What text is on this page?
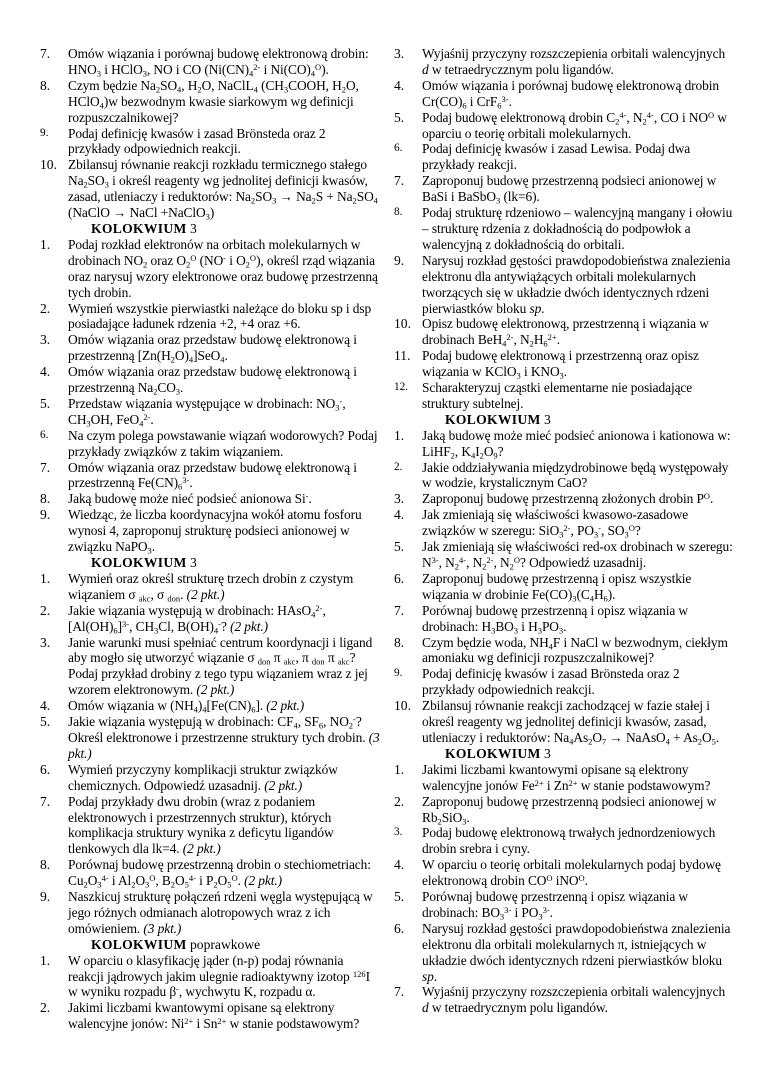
7.	Omów wiązania i porównaj budowę elektronową drobin: $HNO_3$ i HClO$_3$, NO i CO ($Ni(CN)_4^{2-}$ i $Ni(CO)_4^O$).
8.	Czym będzie $Na_2SO_4$, $H_2O$, NaClL$_4$ ($CH_3COOH$, $H_2O$, HClO$_4$)w bezwodnym kwasie siarkowym wg definicji rozpuszczalnikowej?
9.	Podaj definicję kwasów i zasad Brönsteda oraz 2 przykłady odpowiednich reakcji.
10. Zbilansuj równanie reakcji rozkładu termicznego stałego $Na_2SO_3$ i określ reagenty wg jednolitej definicji kwasów, zasad, utleniaczy i reduktorów: $Na_2SO_3 \to Na_2S + Na_2SO_4$ (NaClO → NaCl +NaClO$_3$)
KOLOKWIUM 3
1.	Podaj rozkład elektronów na orbitach molekularnych w drobinach $NO_2$ oraz $O_2^O$ (NO- i $O_2^O$), określ rząd wiązania oraz narysuj wzory elektronowe oraz budowę przestrzenną tych drobin.
2.	Wymień wszystkie pierwiastki należące do bloku sp i dsp posiadające ładunek rdzenia +2, +4 oraz +6.
3.	Omów wiązania oraz przedstaw budowę elektronową i przestrzenną $[Zn(H_2O)_4]SeO_4$.
4.	Omów wiązania oraz przedstaw budowę elektronową i przestrzenną $Na_2CO_3$.
5.	Przedstaw wiązania występujące w drobinach: $NO_3^-$, $CH_3OH$, FeO$_4^{2-}$.
6.	Na czym polega powstawanie wiązań wodorowych? Podaj przykłady związków z takim wiązaniem.
7.	Omów wiązania oraz przedstaw budowę elektronową i przestrzenną $Fe(CN)_6^{3-}$.
8.	Jaką budowę może nieć podsieć anionowa Si-.
9.	Wiedząc, że liczba koordynacyjna wokół atomu fosforu wynosi 4, zaproponuj strukturę podsieci anionowej w związku NaPO$_3$.
KOLOKWIUM 3
1.	Wymień oraz określ strukturę trzech drobin z czystym wiązaniem σ $_{akc}$, σ $_{don}$. (2 pkt.)
2.	Jakie wiązania występują w drobinach: HAsO$_4^{2-}$, $[Al(OH)_6]^{3-}$, $CH_3Cl$, $B(OH)_4^-$? (2 pkt.)
3.	Janie warunki musi spełniać centrum koordynacji i ligand aby mogło się utworzyć wiązanie σ $_{don}$ π $_{akc}$, π $_{don}$ π $_{akc}$? Podaj przykład drobiny z tego typu wiązaniem wraz z jej wzorem elektronowym. (2 pkt.)
4.	Omów wiązania w $(NH_4)_4[Fe(CN)_6]$. (2 pkt.)
5.	Jakie wiązania występują w drobinach: $CF_4$, $SF_6$, $NO_2^-$? Określ elektronowe i przestrzenne struktury tych drobin. (3 pkt.)
6.	Wymień przyczyny komplikacji struktur związków chemicznych. Odpowiedź uzasadnij. (2 pkt.)
7.	Podaj przykłady dwu drobin (wraz z podaniem elektronowych i przestrzennych struktur), których komplikacja struktury wynika z deficytu ligandów tlenkowych dla lk=4. (2 pkt.)
8.	Porównaj budowę przestrzenną drobin o stechiometriach: $Cu_2O_3^{4-}$ i $Al_2O_3^O$, $B_2O_5^{4-}$ i $P_2O_5^O$. (2 pkt.)
9.	Naszkicuj strukturę połączeń rdzeni węgla występującą w jego różnych odmianach alotropowych wraz z ich omówieniem. (3 pkt.)
KOLOKWIUM poprawkowe
1.	W oparciu o klasyfikację jąder (n-p) podaj równania reakcji jądrowych jakim ulegnie radioaktywny izotop $^{126}$I w wyniku rozpadu β-, wychwytu K, rozpadu α.
2.	Jakimi liczbami kwantowymi opisane są elektrony walencyjne jonów: $Ni^{2+}$ i $Sn^{2+}$ w stanie podstawowym?
3.	Wyjaśnij przyczyny rozszczepienia orbitali walencyjnych d w tetraedryczznym polu ligandów.
4.	Omów wiązania i porównaj budowę elektronową drobin $Cr(CO)_6$ i CrF$_6^{3-}$.
5.	Podaj budowę elektronową drobin $C_2^{4-}$, $N_2^{4-}$, CO i $NO^O$ w oparciu o teorię orbitali molekularnych.
6.	Podaj definicję kwasów i zasad Lewisa. Podaj dwa przykłady reakcji.
7.	Zaproponuj budowę przestrzenną podsieci anionowej w BaSi i BaSbO$_3$ (lk=6).
8.	Podaj strukturę rdzeniowo – walencyjną mangany i ołowiu – strukturę rdzenia z dokładnością do podpowłok a walencyjną z dokładnością do orbitali.
9.	Narysuj rozkład gęstości prawdopodobieństwa znalezienia elektronu dla antywiążących orbitali molekularnych tworzących się w układzie dwóch identycznych rdzeni pierwiastków bloku sp.
10. Opisz budowę elektronową, przestrzenną i wiązania w drobinach BeH$_4^{2-}$, $N_2H_6^{2+}$.
11. Podaj budowę elektronową i przestrzenną oraz opisz wiązania w KClO$_3$ i $KNO_3$.
12.	Scharakteryzuj cząstki elementarne nie posiadające struktury subtelnej.
KOLOKWIUM 3
1.	Jaką budowę może mieć podsieć anionowa i kationowa w: LiHF$_2$, $K_4I_2O_9$?
2.	Jakie oddziaływania międzydrobinowe będą występowały w wodzie, krystalicznym CaO?
3.	Zaproponuj budowę przestrzenną złożonych drobin $P^O$.
4.	Jak zmieniają się właściwości kwasowo-zasadowe związków w szeregu: SiO$_3^{2-}$, $PO_3^-$, $SO_3^O$?
5.	Jak zmieniają się właściwości red-ox drobinach w szeregu: $N^{3-}$, $N_2^{4-}$, $N_2^{2-}$, $N_2^O$? Odpowiedź uzasadnij.
6.	Zaproponuj budowę przestrzenną i opisz wszystkie wiązania w drobinie $Fe(CO)_3(C_4H_6)$.
7.	Porównaj budowę przestrzenną i opisz wiązania w drobinach: $H_3BO_3$ i $H_3PO_3$.
8.	Czym będzie woda, $NH_4F$ i NaCl w bezwodnym, ciekłym amoniaku wg definicji rozpuszczalnikowej?
9.	Podaj definicję kwasów i zasad Brönsteda oraz 2 przykłady odpowiednich reakcji.
10. Zbilansuj równanie reakcji zachodzącej w fazie stałej i określ reagenty wg jednolitej definicji kwasów, zasad, utleniaczy i reduktorów: $Na_4As_2O_7$ → NaAsO$_4$ + $As_2O_5$.
KOLOKWIUM 3
1.	Jakimi liczbami kwantowymi opisane są elektrony walencyjne jonów $Fe^{2+}$ i $Zn^{2+}$ w stanie podstawowym?
2.	Zaproponuj budowę przestrzenną podsieci anionowej w $Rb_2SiO_3$.
3.	Podaj budowę elektronową trwałych jednordzeniowych drobin srebra i cyny.
4.	W oparciu o teorię orbitali molekularnych podaj bydowę elektronową drobin $CO^O$ iNO$^O$.
5.	Porównaj budowę przestrzenną i opisz wiązania w drobinach: $BO_3^{3-}$ i $PO_3^{3-}$.
6.	Narysuj rozkład gęstości prawdopodobieństwa znalezienia elektronu dla orbitali molekularnych π, istniejących w układzie dwóch identycznych rdzeni pierwiastków bloku sp.
7.	Wyjaśnij przyczyny rozszczepienia orbitali walencyjnych d w tetraedrycznym polu ligandów.
